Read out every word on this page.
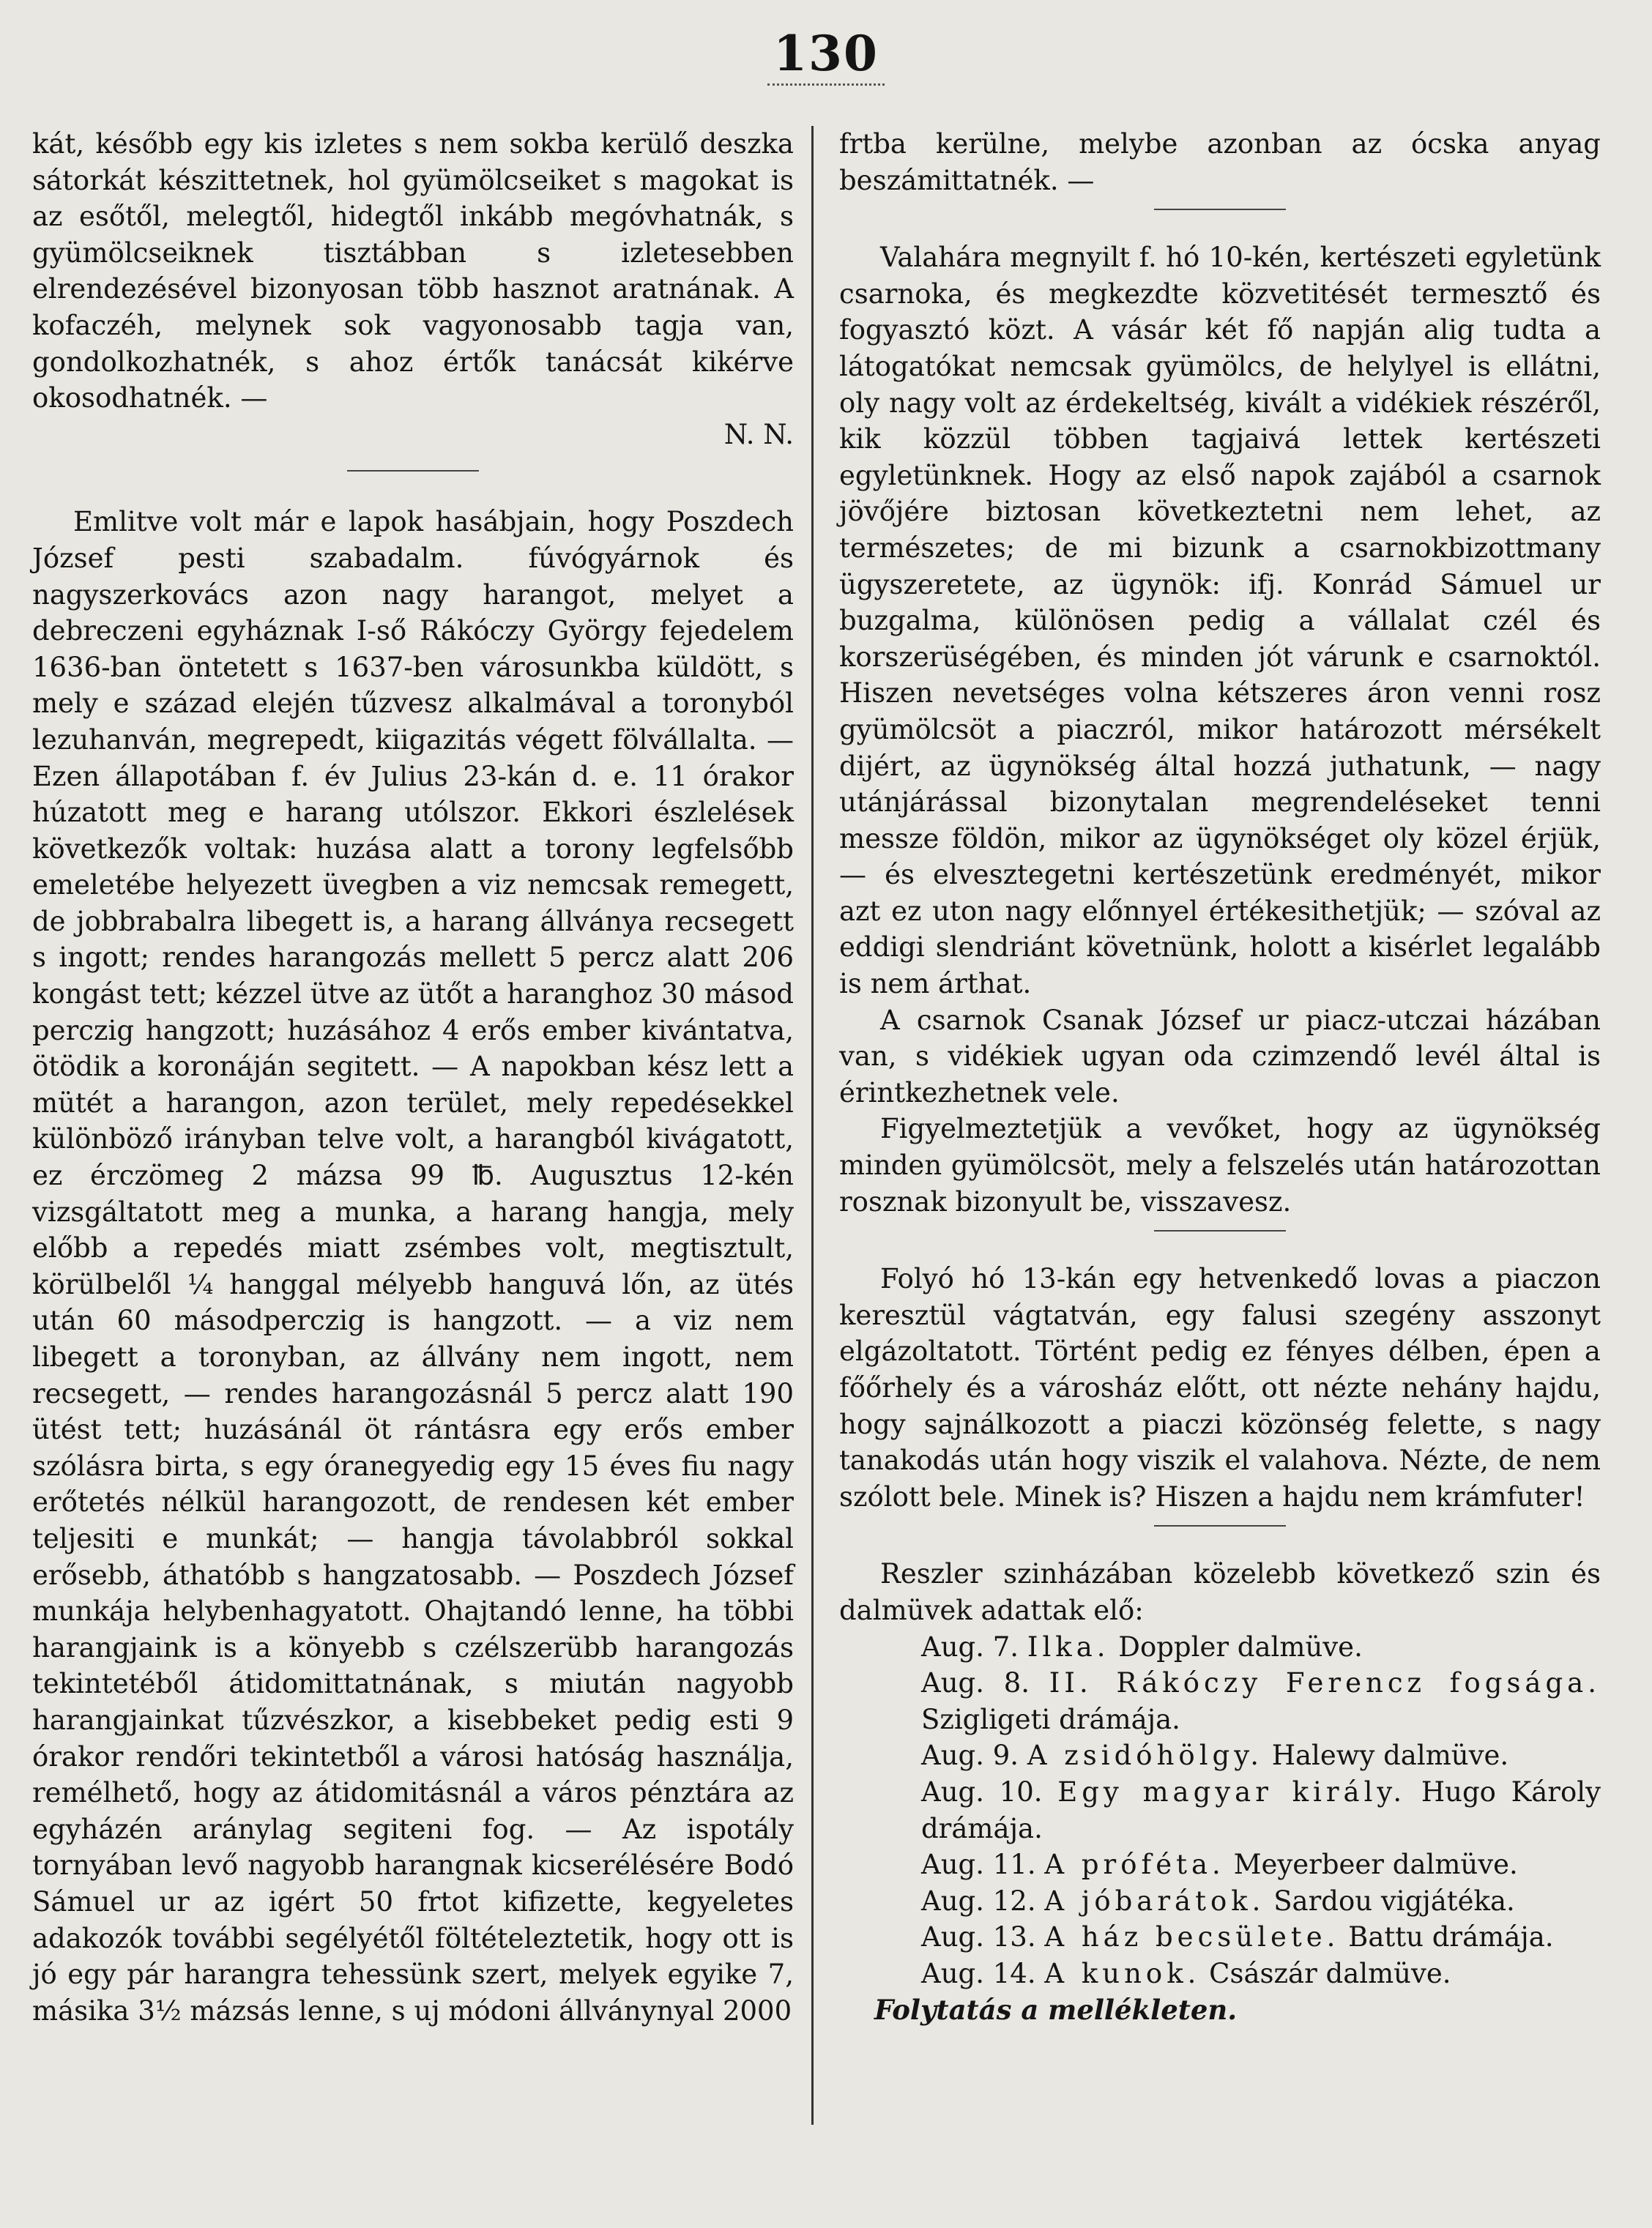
130

kát, később egy kis izletes s nem sokba kerülő deszka sátorkát készittetnek, hol gyümölcseiket s magokat is az esőtől, melegtől, hidegtől inkább megóvhatnák, s gyümölcseiknek tisztábban s izletesebben elrendezésével bizonyosan több hasznot aratnának. A kofaczéh, melynek sok vagyonosabb tagja van, gondolkozhatnék, s ahoz értők tanácsát kikérve okosodhatnék. —

N. N.

Emlitve volt már e lapok hasábjain, hogy Poszdech József pesti szabadalm. fúvógyárnok és nagyszerkovács azon nagy harangot, melyet a debreczeni egyháznak I-ső Rákóczy György fejedelem 1636-ban öntetett s 1637-ben városunkba küldött, s mely e század elején tűzvesz alkalmával a toronyból lezuhanván, megrepedt, kiigazitás végett fölvállalta. — Ezen állapotában f. év Julius 23-kán d. e. 11 órakor húzatott meg e harang utólszor. Ekkori észlelések következők voltak: huzása alatt a torony legfelsőbb emeletébe helyezett üvegben a viz nemcsak remegett, de jobbrabalra libegett is, a harang állványa recsegett s ingott; rendes harangozás mellett 5 percz alatt 206 kongást tett; kézzel ütve az ütőt a haranghoz 30 másod perczig hangzott; huzásához 4 erős ember kivántatva, ötödik a koronáján segitett. — A napokban kész lett a mütét a harangon, azon terület, mely repedésekkel különböző irányban telve volt, a harangból kivágatott, ez érczömeg 2 mázsa 99 ℔. Augusztus 12-kén vizsgáltatott meg a munka, a harang hangja, mely előbb a repedés miatt zsémbes volt, megtisztult, körülbelől ¼ hanggal mélyebb hanguvá lőn, az ütés után 60 másodperczig is hangzott. — a viz nem libegett a toronyban, az állvány nem ingott, nem recsegett, — rendes harangozásnál 5 percz alatt 190 ütést tett; huzásánál öt rántásra egy erős ember szólásra birta, s egy óranegyedig egy 15 éves fiu nagy erőtetés nélkül harangozott, de rendesen két ember teljesiti e munkát; — hangja távolabbról sokkal erősebb, áthatóbb s hangzatosabb. — Poszdech József munkája helybenhagyatott. Ohajtandó lenne, ha többi harangjaink is a könyebb s czélszerübb harangozás tekintetéből átidomittatnának, s miután nagyobb harangjainkat tűzvészkor, a kisebbeket pedig esti 9 órakor rendőri tekintetből a városi hatóság használja, remélhető, hogy az átidomitásnál a város pénztára az egyházén aránylag segiteni fog. — Az ispotály tornyában levő nagyobb harangnak kicserélésére Bodó Sámuel ur az igért 50 frtot kifizette, kegyeletes adakozók további segélyétől föltételeztetik, hogy ott is jó egy pár harangra tehessünk szert, melyek egyike 7, másika 3½ mázsás lenne, s uj módoni állványnyal 2000

frtba kerülne, melybe azonban az ócska anyag beszámittatnék. —

Valahára megnyilt f. hó 10-kén, kertészeti egyletünk csarnoka, és megkezdte közvetitését termesztő és fogyasztó közt. A vásár két fő napján alig tudta a látogatókat nemcsak gyümölcs, de helylyel is ellátni, oly nagy volt az érdekeltség, kivált a vidékiek részéről, kik közzül többen tagjaivá lettek kertészeti egyletünknek. Hogy az első napok zajából a csarnok jövőjére biztosan következtetni nem lehet, az természetes; de mi bizunk a csarnokbizottmany ügyszeretete, az ügynök: ifj. Konrád Sámuel ur buzgalma, különösen pedig a vállalat czél és korszerüségében, és minden jót várunk e csarnoktól. Hiszen nevetséges volna kétszeres áron venni rosz gyümölcsöt a piaczról, mikor határozott mérsékelt dijért, az ügynökség által hozzá juthatunk, — nagy utánjárással bizonytalan megrendeléseket tenni messze földön, mikor az ügynökséget oly közel érjük, — és elvesztegetni kertészetünk eredményét, mikor azt ez uton nagy előnnyel értékesithetjük; — szóval az eddigi slendriánt követnünk, holott a kisérlet legalább is nem árthat.

A csarnok Csanak József ur piacz-utczai házában van, s vidékiek ugyan oda czimzendő levél által is érintkezhetnek vele.

Figyelmeztetjük a vevőket, hogy az ügynökség minden gyümölcsöt, mely a felszelés után határozottan rosznak bizonyult be, visszavesz.

Folyó hó 13-kán egy hetvenkedő lovas a piaczon keresztül vágtatván, egy falusi szegény asszonyt elgázoltatott. Történt pedig ez fényes délben, épen a főőrhely és a városház előtt, ott nézte nehány hajdu, hogy sajnálkozott a piaczi közönség felette, s nagy tanakodás után hogy viszik el valahova. Nézte, de nem szólott bele. Minek is? Hiszen a hajdu nem krámfuter!

Reszler szinházában közelebb következő szin és dalmüvek adattak elő:

Aug. 7. Ilka. Doppler dalmüve.

Aug. 8. II. Rákóczy Ferencz fogsága. Szigligeti drámája.

Aug. 9. A zsidóhölgy. Halewy dalmüve.

Aug. 10. Egy magyar király. Hugo Károly drámája.

Aug. 11. A próféta. Meyerbeer dalmüve.

Aug. 12. A jóbarátok. Sardou vigjátéka.

Aug. 13. A ház becsülete. Battu drámája.

Aug. 14. A kunok. Császár dalmüve.

Folytatás a mellékleten.
